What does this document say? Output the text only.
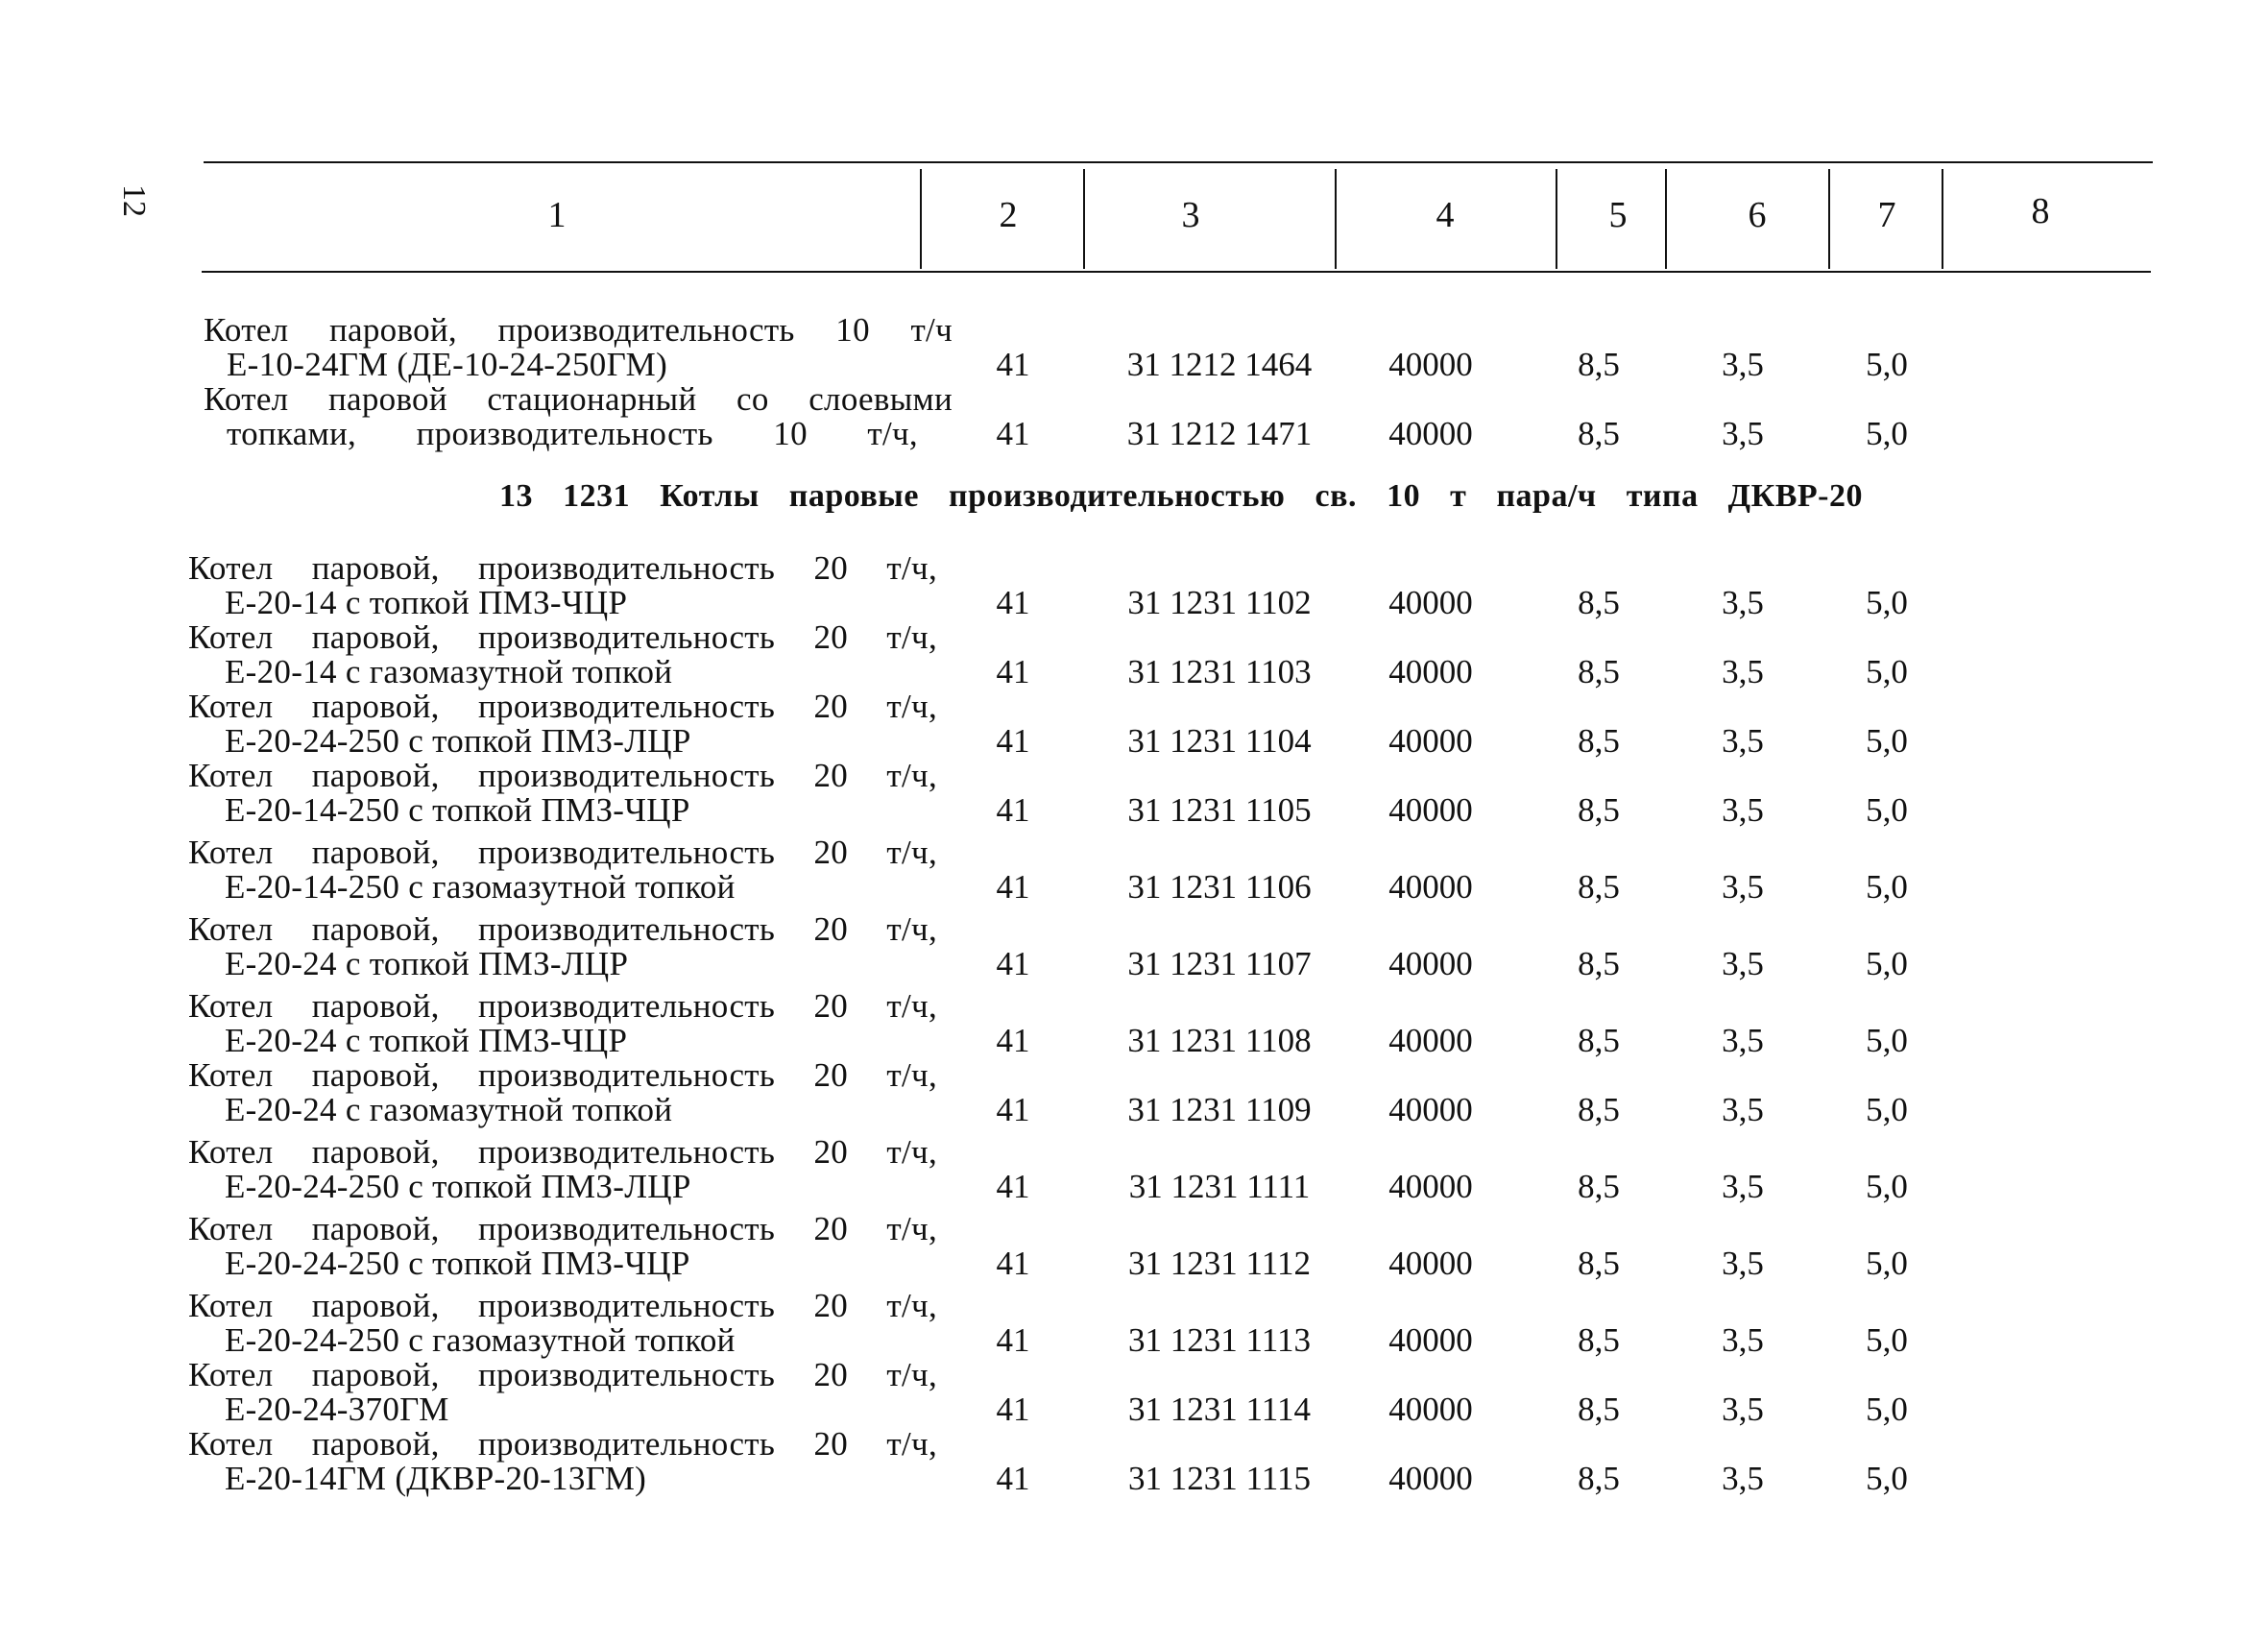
12	1	2	3	4	5	6	7	8
Котел паровой, производительность 10 т/ч
Е-10-24ГМ (ДЕ-10-24-250ГМ)	41	31 1212 1464	40000	8,5	3,5	5,0
Котел паровой стационарный со слоевыми
топками, производительность 10 т/ч,	41	31 1212 1471	40000	8,5	3,5	5,0
13 1231 Котлы паровые производительностью св. 10 т пара/ч типа ДКВР-20
Котел паровой, производительность 20 т/ч,
Е-20-14 с топкой ПМЗ-ЧЦР	41	31 1231 1102	40000	8,5	3,5	5,0
Котел паровой, производительность 20 т/ч,
Е-20-14 с газомазутной топкой	41	31 1231 1103	40000	8,5	3,5	5,0
Котел паровой, производительность 20 т/ч,
Е-20-24-250 с топкой ПМЗ-ЛЦР	41	31 1231 1104	40000	8,5	3,5	5,0
Котел паровой, производительность 20 т/ч,
Е-20-14-250 с топкой ПМЗ-ЧЦР	41	31 1231 1105	40000	8,5	3,5	5,0
Котел паровой, производительность 20 т/ч,
Е-20-14-250 с газомазутной топкой	41	31 1231 1106	40000	8,5	3,5	5,0
Котел паровой, производительность 20 т/ч,
Е-20-24 с топкой ПМЗ-ЛЦР	41	31 1231 1107	40000	8,5	3,5	5,0
Котел паровой, производительность 20 т/ч,
Е-20-24 с топкой ПМЗ-ЧЦР	41	31 1231 1108	40000	8,5	3,5	5,0
Котел паровой, производительность 20 т/ч,
Е-20-24 с газомазутной топкой	41	31 1231 1109	40000	8,5	3,5	5,0
Котел паровой, производительность 20 т/ч,
Е-20-24-250 с топкой ПМЗ-ЛЦР	41	31 1231 1111	40000	8,5	3,5	5,0
Котел паровой, производительность 20 т/ч,
Е-20-24-250 с топкой ПМЗ-ЧЦР	41	31 1231 1112	40000	8,5	3,5	5,0
Котел паровой, производительность 20 т/ч,
Е-20-24-250 с газомазутной топкой	41	31 1231 1113	40000	8,5	3,5	5,0
Котел паровой, производительность 20 т/ч,
Е-20-24-370ГМ	41	31 1231 1114	40000	8,5	3,5	5,0
Котел паровой, производительность 20 т/ч,
Е-20-14ГМ (ДКВР-20-13ГМ)	41	31 1231 1115	40000	8,5	3,5	5,0
